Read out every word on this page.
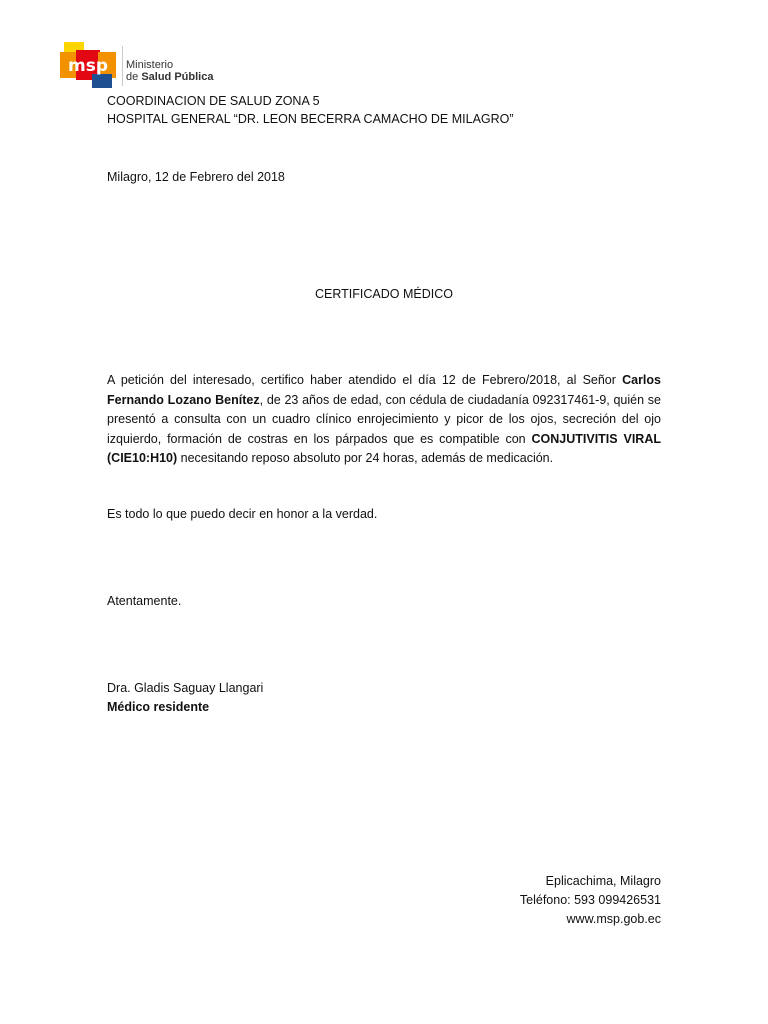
msp Ministerio
de Salud Pública
COORDINACION DE SALUD ZONA 5
HOSPITAL GENERAL “DR. LEON BECERRA CAMACHO DE MILAGRO”
Milagro, 12 de Febrero del 2018
CERTIFICADO MÉDICO
A petición del interesado, certifico haber atendido el día 12 de Febrero/2018, al Señor Carlos Fernando Lozano Benítez, de 23 años de edad, con cédula de ciudadanía 092317461-9, quién se presentó a consulta con un cuadro clínico enrojecimiento y picor de los ojos, secreción del ojo izquierdo, formación de costras en los párpados que es compatible con CONJUTIVITIS VIRAL (CIE10:H10) necesitando reposo absoluto por 24 horas, además de medicación.
Es todo lo que puedo decir en honor a la verdad.
Atentamente.
Dra. Gladis Saguay Llangari
Médico residente
Eplicachima, Milagro
Teléfono: 593 099426531
www.msp.gob.ec
